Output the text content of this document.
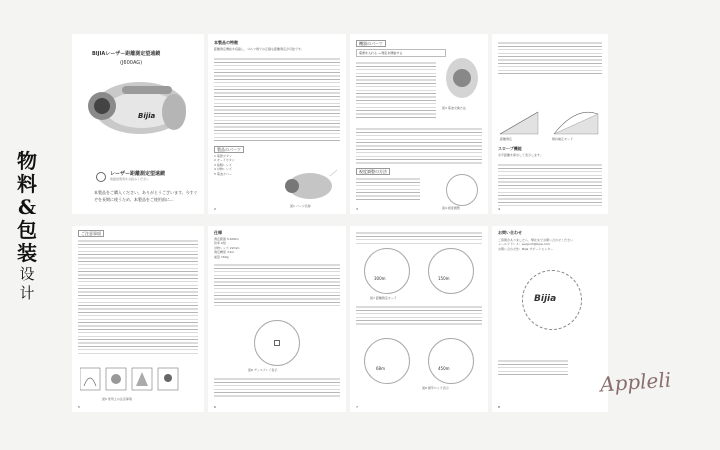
物
料
&
包
装
设
计
BIJIAレーザー距離測定望遠鏡
(J600AG)
Bijia
レーザー距離測定望遠鏡
取扱説明書をお読みください
本製品をご購入ください、ありがとうございます。今すぐ
ぞを長期に使うため、本製品をご使用前に...
本製品の特徴
距離測定機能を搭載し、ゴルフ場での正確な距離測定が可能です。
製品のパーツ
1 電源ボタン
2 モードボタン
3 接眼レンズ
4 対物レンズ
5 電池カバー
図1 パーツ名称
2
機器のパーツ
電源を入れる → 測定を開始する
図3 電池交換方法
視度調整の方法
図4 視度調整
3
距離測定	傾斜補正モード
スロープ機能
水平距離を算出して表示します。
4
ご注意事項
図5 使用上の注意事項
5
仕様
測定範囲 5-600m
倍率 6倍
対物レンズ 22mm
測定精度 ±1m
重量 160g
図6 ディスプレイ表示
6
300m	150m
図7 距離測定モード
68m	450m
図8 旗竿ロック表示
7
お問い合わせ
ご質問がありましたら、弊社までお問い合わせください
メールアドレス：support@bijia.com
お問い合わせ先：Bijia サポートセンター
Bijia
8
Appleli
